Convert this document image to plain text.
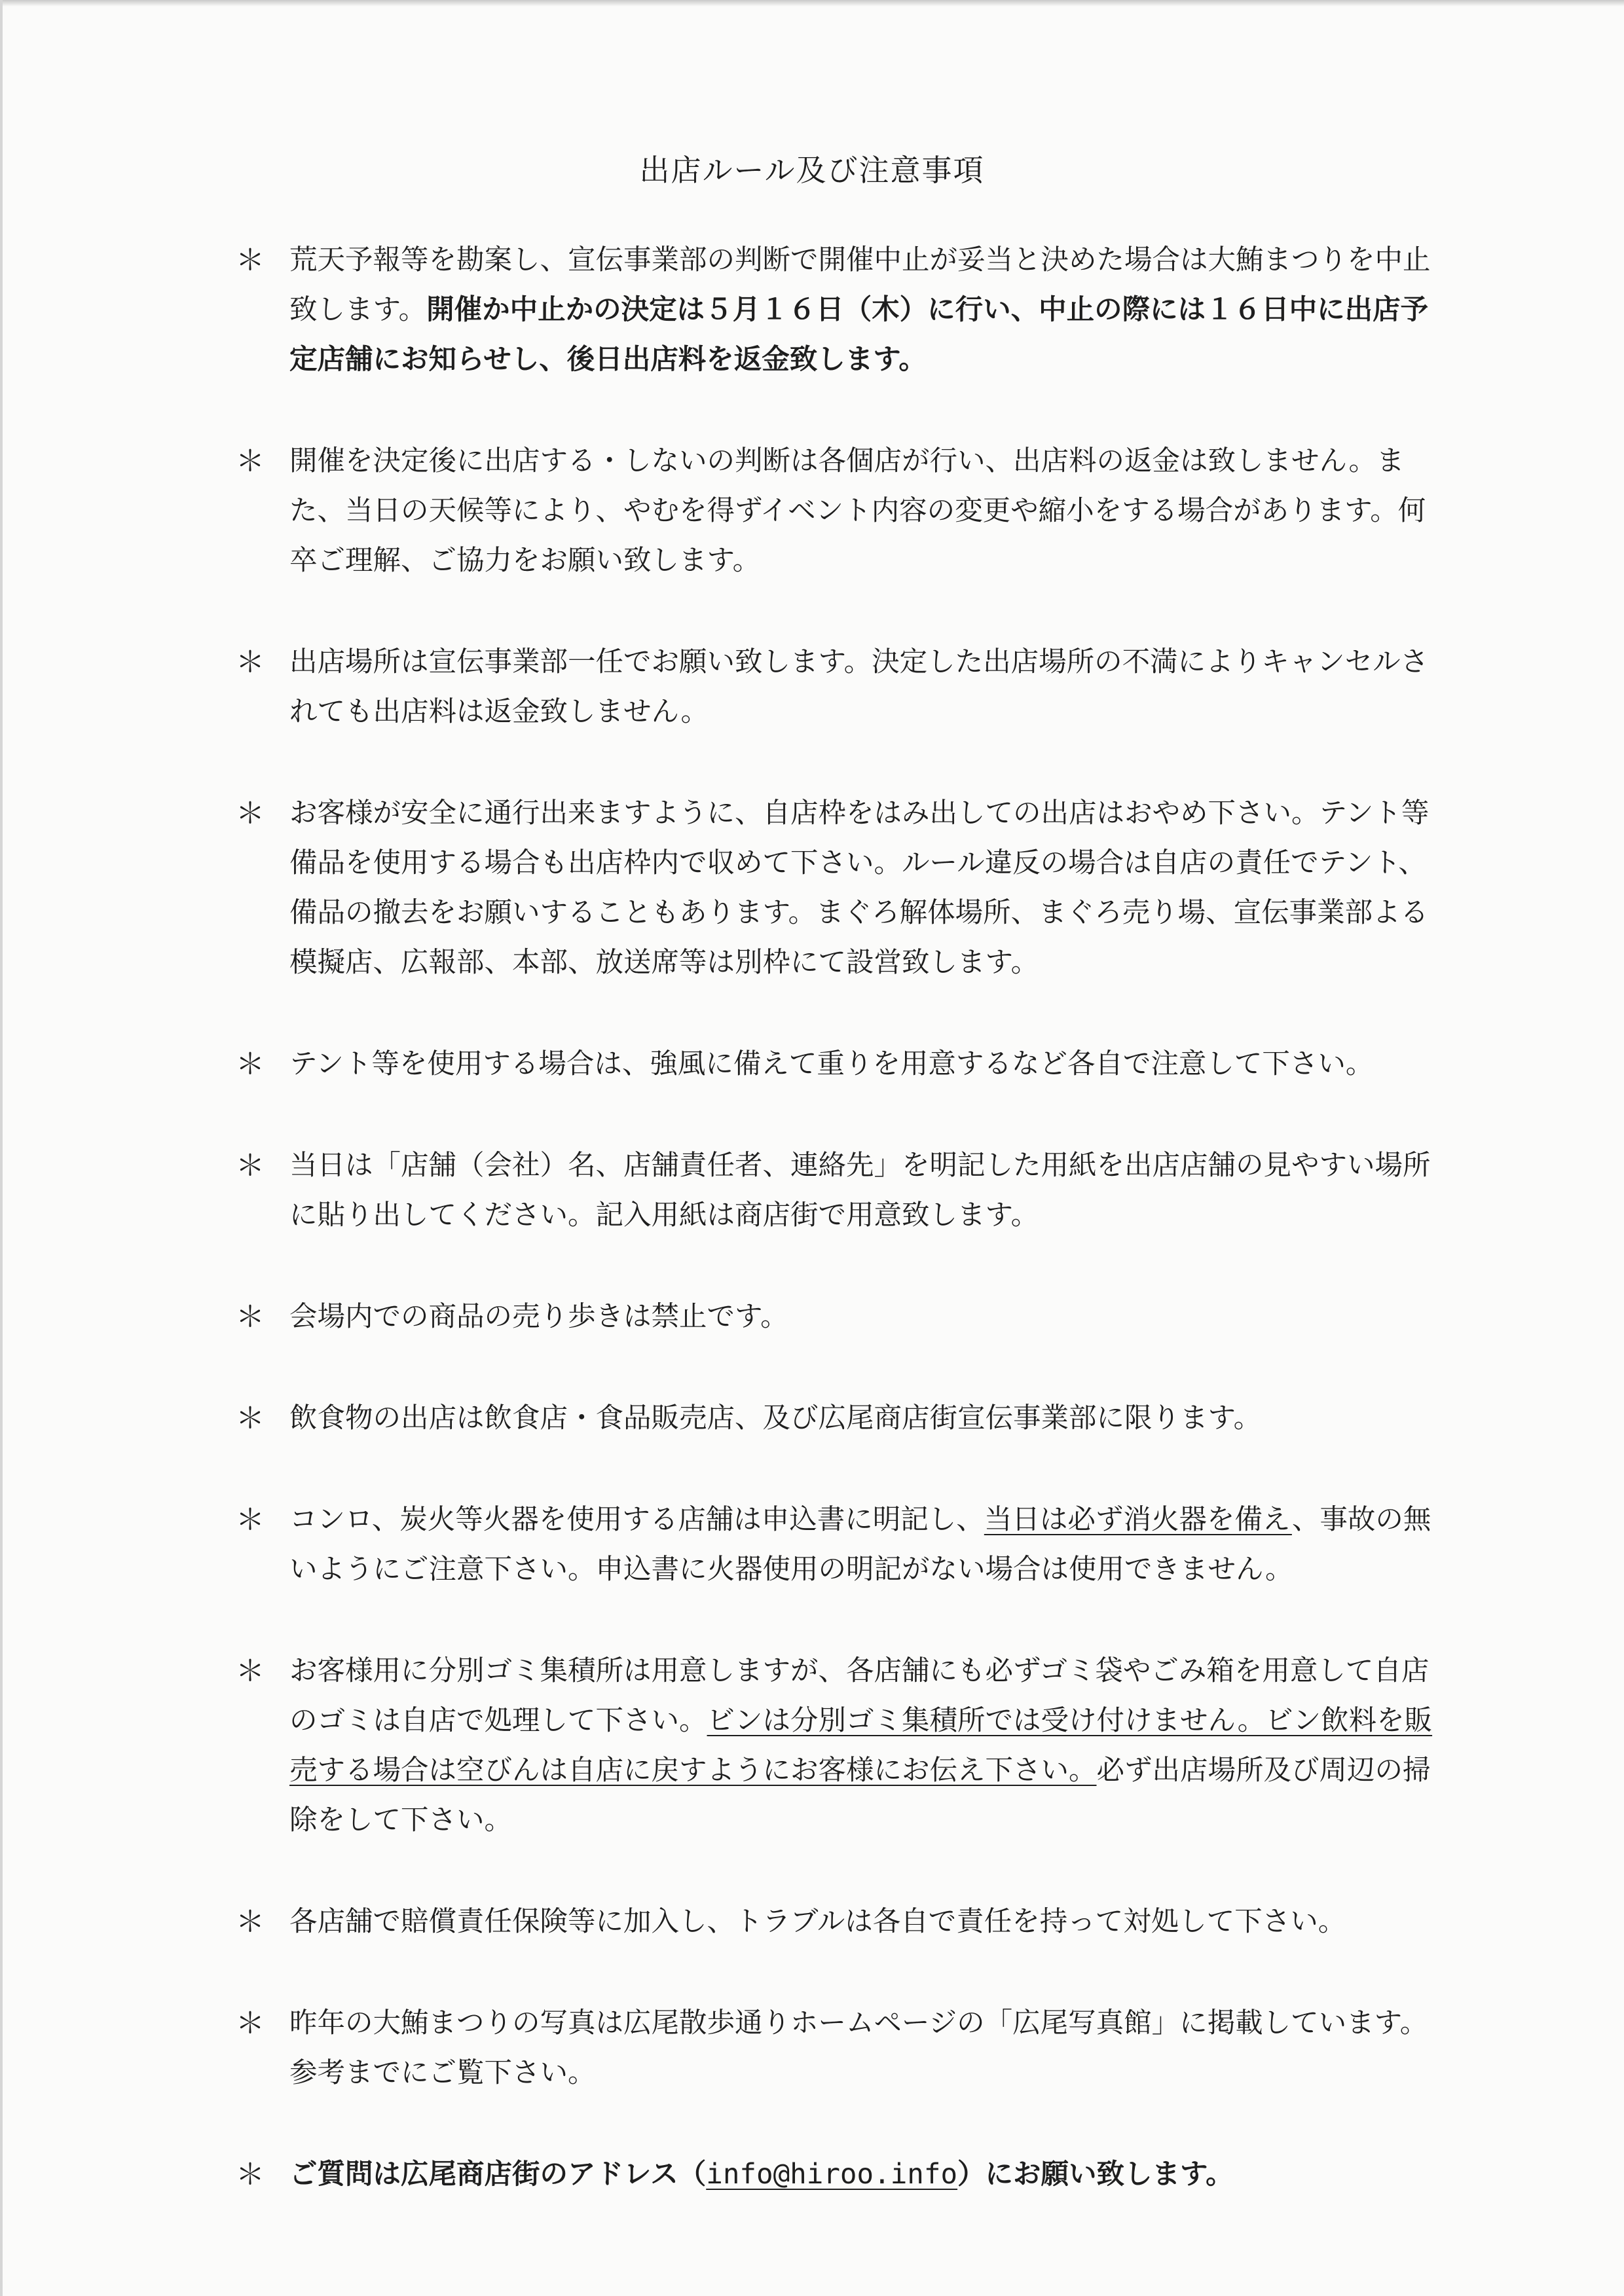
出店ルール及び注意事項
＊ 荒天予報等を勘案し、宣伝事業部の判断で開催中止が妥当と決めた場合は大鮪まつりを中止致します。開催か中止かの決定は５月１６日（木）に行い、中止の際には１６日中に出店予定店舗にお知らせし、後日出店料を返金致します。
＊ 開催を決定後に出店する・しないの判断は各個店が行い、出店料の返金は致しません。また、当日の天候等により、やむを得ずイベント内容の変更や縮小をする場合があります。何卒ご理解、ご協力をお願い致します。
＊ 出店場所は宣伝事業部一任でお願い致します。決定した出店場所の不満によりキャンセルされても出店料は返金致しません。
＊ お客様が安全に通行出来ますように、自店枠をはみ出しての出店はおやめ下さい。テント等備品を使用する場合も出店枠内で収めて下さい。ルール違反の場合は自店の責任でテント、備品の撤去をお願いすることもあります。まぐろ解体場所、まぐろ売り場、宣伝事業部よる模擬店、広報部、本部、放送席等は別枠にて設営致します。
＊ テント等を使用する場合は、強風に備えて重りを用意するなど各自で注意して下さい。
＊ 当日は「店舗（会社）名、店舗責任者、連絡先」を明記した用紙を出店店舗の見やすい場所に貼り出してください。記入用紙は商店街で用意致します。
＊ 会場内での商品の売り歩きは禁止です。
＊ 飲食物の出店は飲食店・食品販売店、及び広尾商店街宣伝事業部に限ります。
＊ コンロ、炭火等火器を使用する店舗は申込書に明記し、当日は必ず消火器を備え、事故の無いようにご注意下さい。申込書に火器使用の明記がない場合は使用できません。
＊ お客様用に分別ゴミ集積所は用意しますが、各店舗にも必ずゴミ袋やごみ箱を用意して自店のゴミは自店で処理して下さい。ビンは分別ゴミ集積所では受け付けません。ビン飲料を販売する場合は空びんは自店に戻すようにお客様にお伝え下さい。必ず出店場所及び周辺の掃除をして下さい。
＊ 各店舗で賠償責任保険等に加入し、トラブルは各自で責任を持って対処して下さい。
＊ 昨年の大鮪まつりの写真は広尾散歩通りホームページの「広尾写真館」に掲載しています。参考までにご覧下さい。
＊ ご質問は広尾商店街のアドレス（info@hiroo.info）にお願い致します。
